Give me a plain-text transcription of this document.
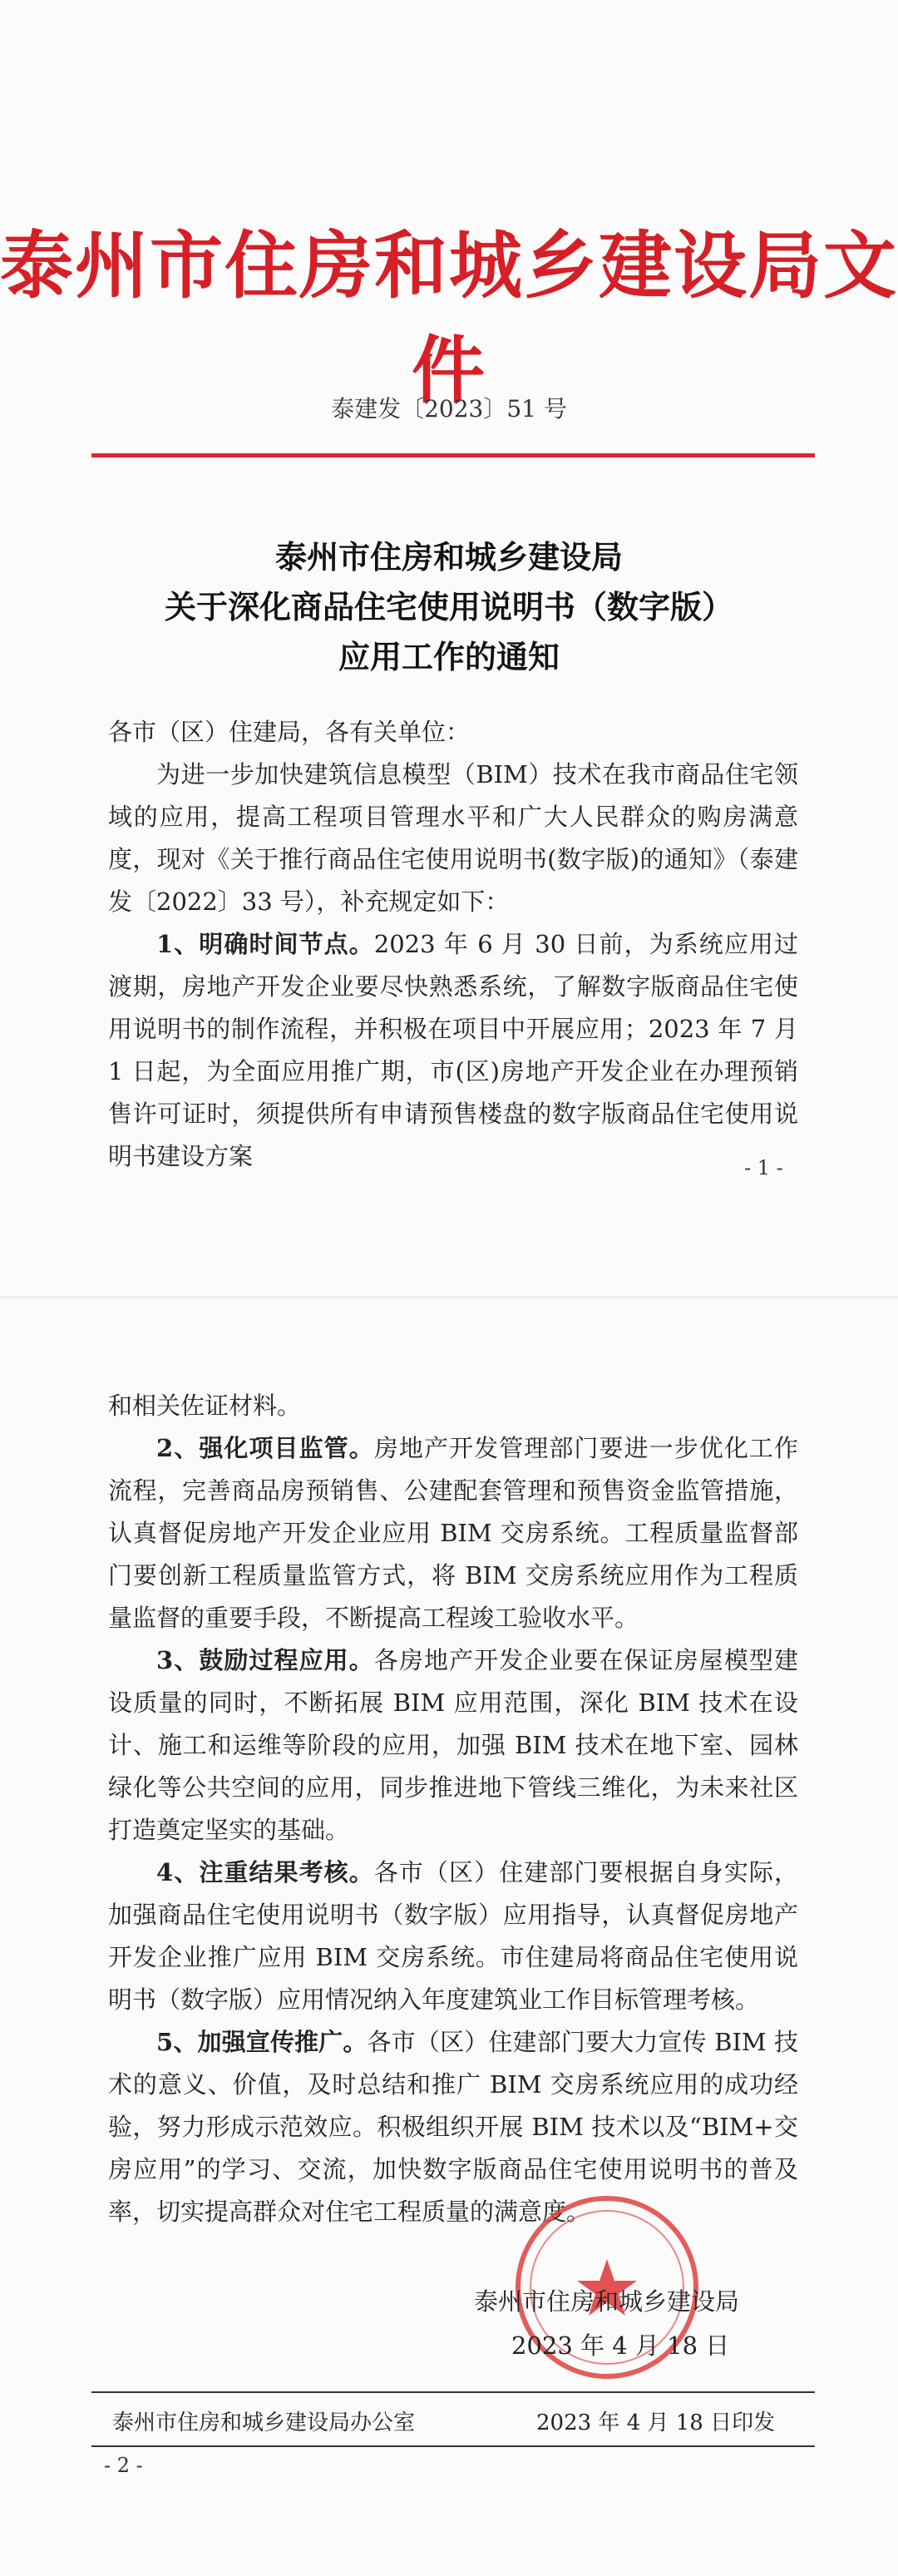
泰州市住房和城乡建设局文件
泰建发〔2023〕51 号
泰州市住房和城乡建设局
关于深化商品住宅使用说明书（数字版）
应用工作的通知
各市（区）住建局，各有关单位：
为进一步加快建筑信息模型（BIM）技术在我市商品住宅领域的应用，提高工程项目管理水平和广大人民群众的购房满意度，现对《关于推行商品住宅使用说明书(数字版)的通知》（泰建发〔2022〕33 号），补充规定如下：
1、明确时间节点。2023 年 6 月 30 日前，为系统应用过渡期，房地产开发企业要尽快熟悉系统，了解数字版商品住宅使用说明书的制作流程，并积极在项目中开展应用；2023 年 7 月 1 日起，为全面应用推广期，市(区)房地产开发企业在办理预销售许可证时，须提供所有申请预售楼盘的数字版商品住宅使用说明书建设方案	- 1 -
和相关佐证材料。
2、强化项目监管。房地产开发管理部门要进一步优化工作流程，完善商品房预销售、公建配套管理和预售资金监管措施，认真督促房地产开发企业应用 BIM 交房系统。工程质量监督部门要创新工程质量监管方式，将 BIM 交房系统应用作为工程质量监督的重要手段，不断提高工程竣工验收水平。
3、鼓励过程应用。各房地产开发企业要在保证房屋模型建设质量的同时，不断拓展 BIM 应用范围，深化 BIM 技术在设计、施工和运维等阶段的应用，加强 BIM 技术在地下室、园林绿化等公共空间的应用，同步推进地下管线三维化，为未来社区打造奠定坚实的基础。
4、注重结果考核。各市（区）住建部门要根据自身实际，加强商品住宅使用说明书（数字版）应用指导，认真督促房地产开发企业推广应用 BIM 交房系统。市住建局将商品住宅使用说明书（数字版）应用情况纳入年度建筑业工作目标管理考核。
5、加强宣传推广。各市（区）住建部门要大力宣传 BIM 技术的意义、价值，及时总结和推广 BIM 交房系统应用的成功经验，努力形成示范效应。积极组织开展 BIM 技术以及“BIM+交房应用”的学习、交流，加快数字版商品住宅使用说明书的普及率，切实提高群众对住宅工程质量的满意度。
泰州市住房和城乡建设局
2023 年 4 月 18 日
泰州市住房和城乡建设局办公室	2023 年 4 月 18 日印发
- 2 -
